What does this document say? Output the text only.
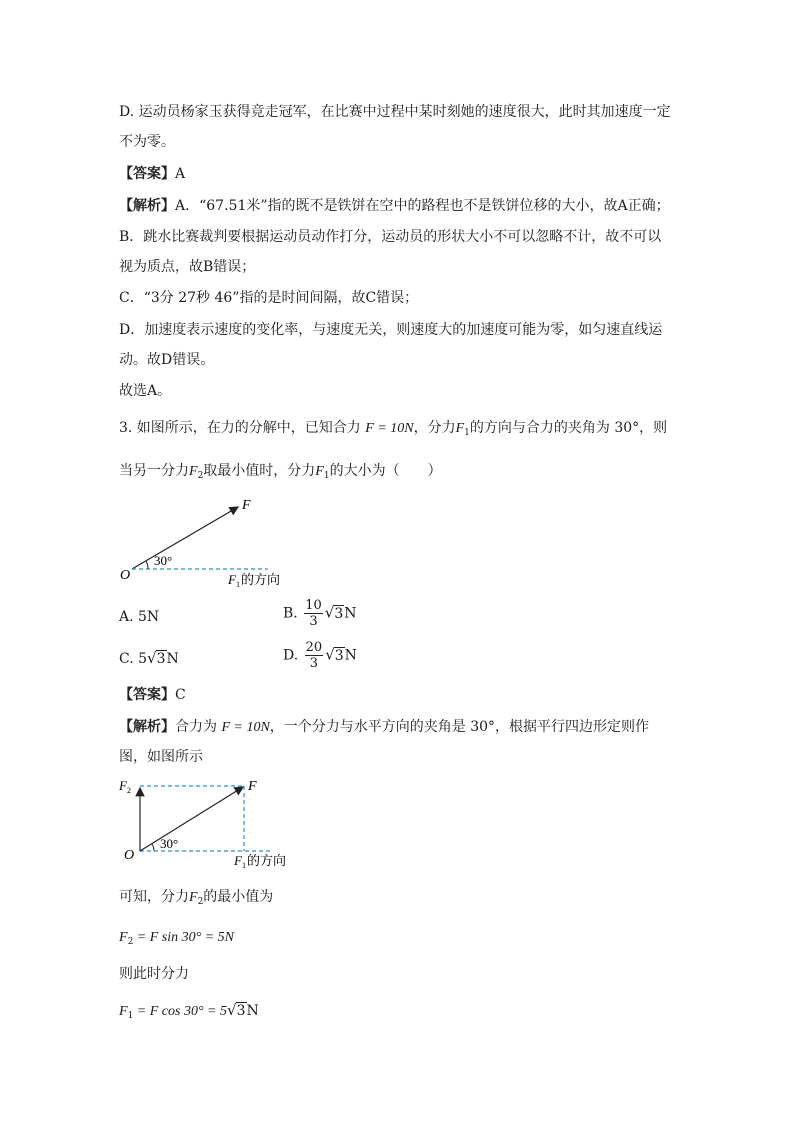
D. 运动员杨家玉获得竞走冠军，在比赛中过程中某时刻她的速度很大，此时其加速度一定
不为零。
【答案】A
【解析】A．“67.51米”指的既不是铁饼在空中的路程也不是铁饼位移的大小，故A正确；
B．跳水比赛裁判要根据运动员动作打分，运动员的形状大小不可以忽略不计，故不可以
视为质点，故B错误；
C．“3分 27秒 46”指的是时间间隔，故C错误；
D．加速度表示速度的变化率，与速度无关，则速度大的加速度可能为零，如匀速直线运
动。故D错误。
故选A。
3. 如图所示，在力的分解中，已知合力 F = 10N，分力$F_1$的方向与合力的夹角为 30°，则
当另一分力$F_2$取最小值时，分力$F_1$的大小为（　　）
F
O
30°
F 1 的方向
A. 5N	B. $\frac{10}{3} √3N$
C. 5√3N	D. $\frac{20}{3} √3N$
【答案】C
【解析】合力为 F = 10N，一个分力与水平方向的夹角是 30°，根据平行四边形定则作
图，如图所示
F 2	F
O
30°
F 1 的方向
可知，分力$F_2$的最小值为
$F_2 = F$ sin 30° = 5N
则此时分力
$F_1 = F$ cos 30° = 5√3N
